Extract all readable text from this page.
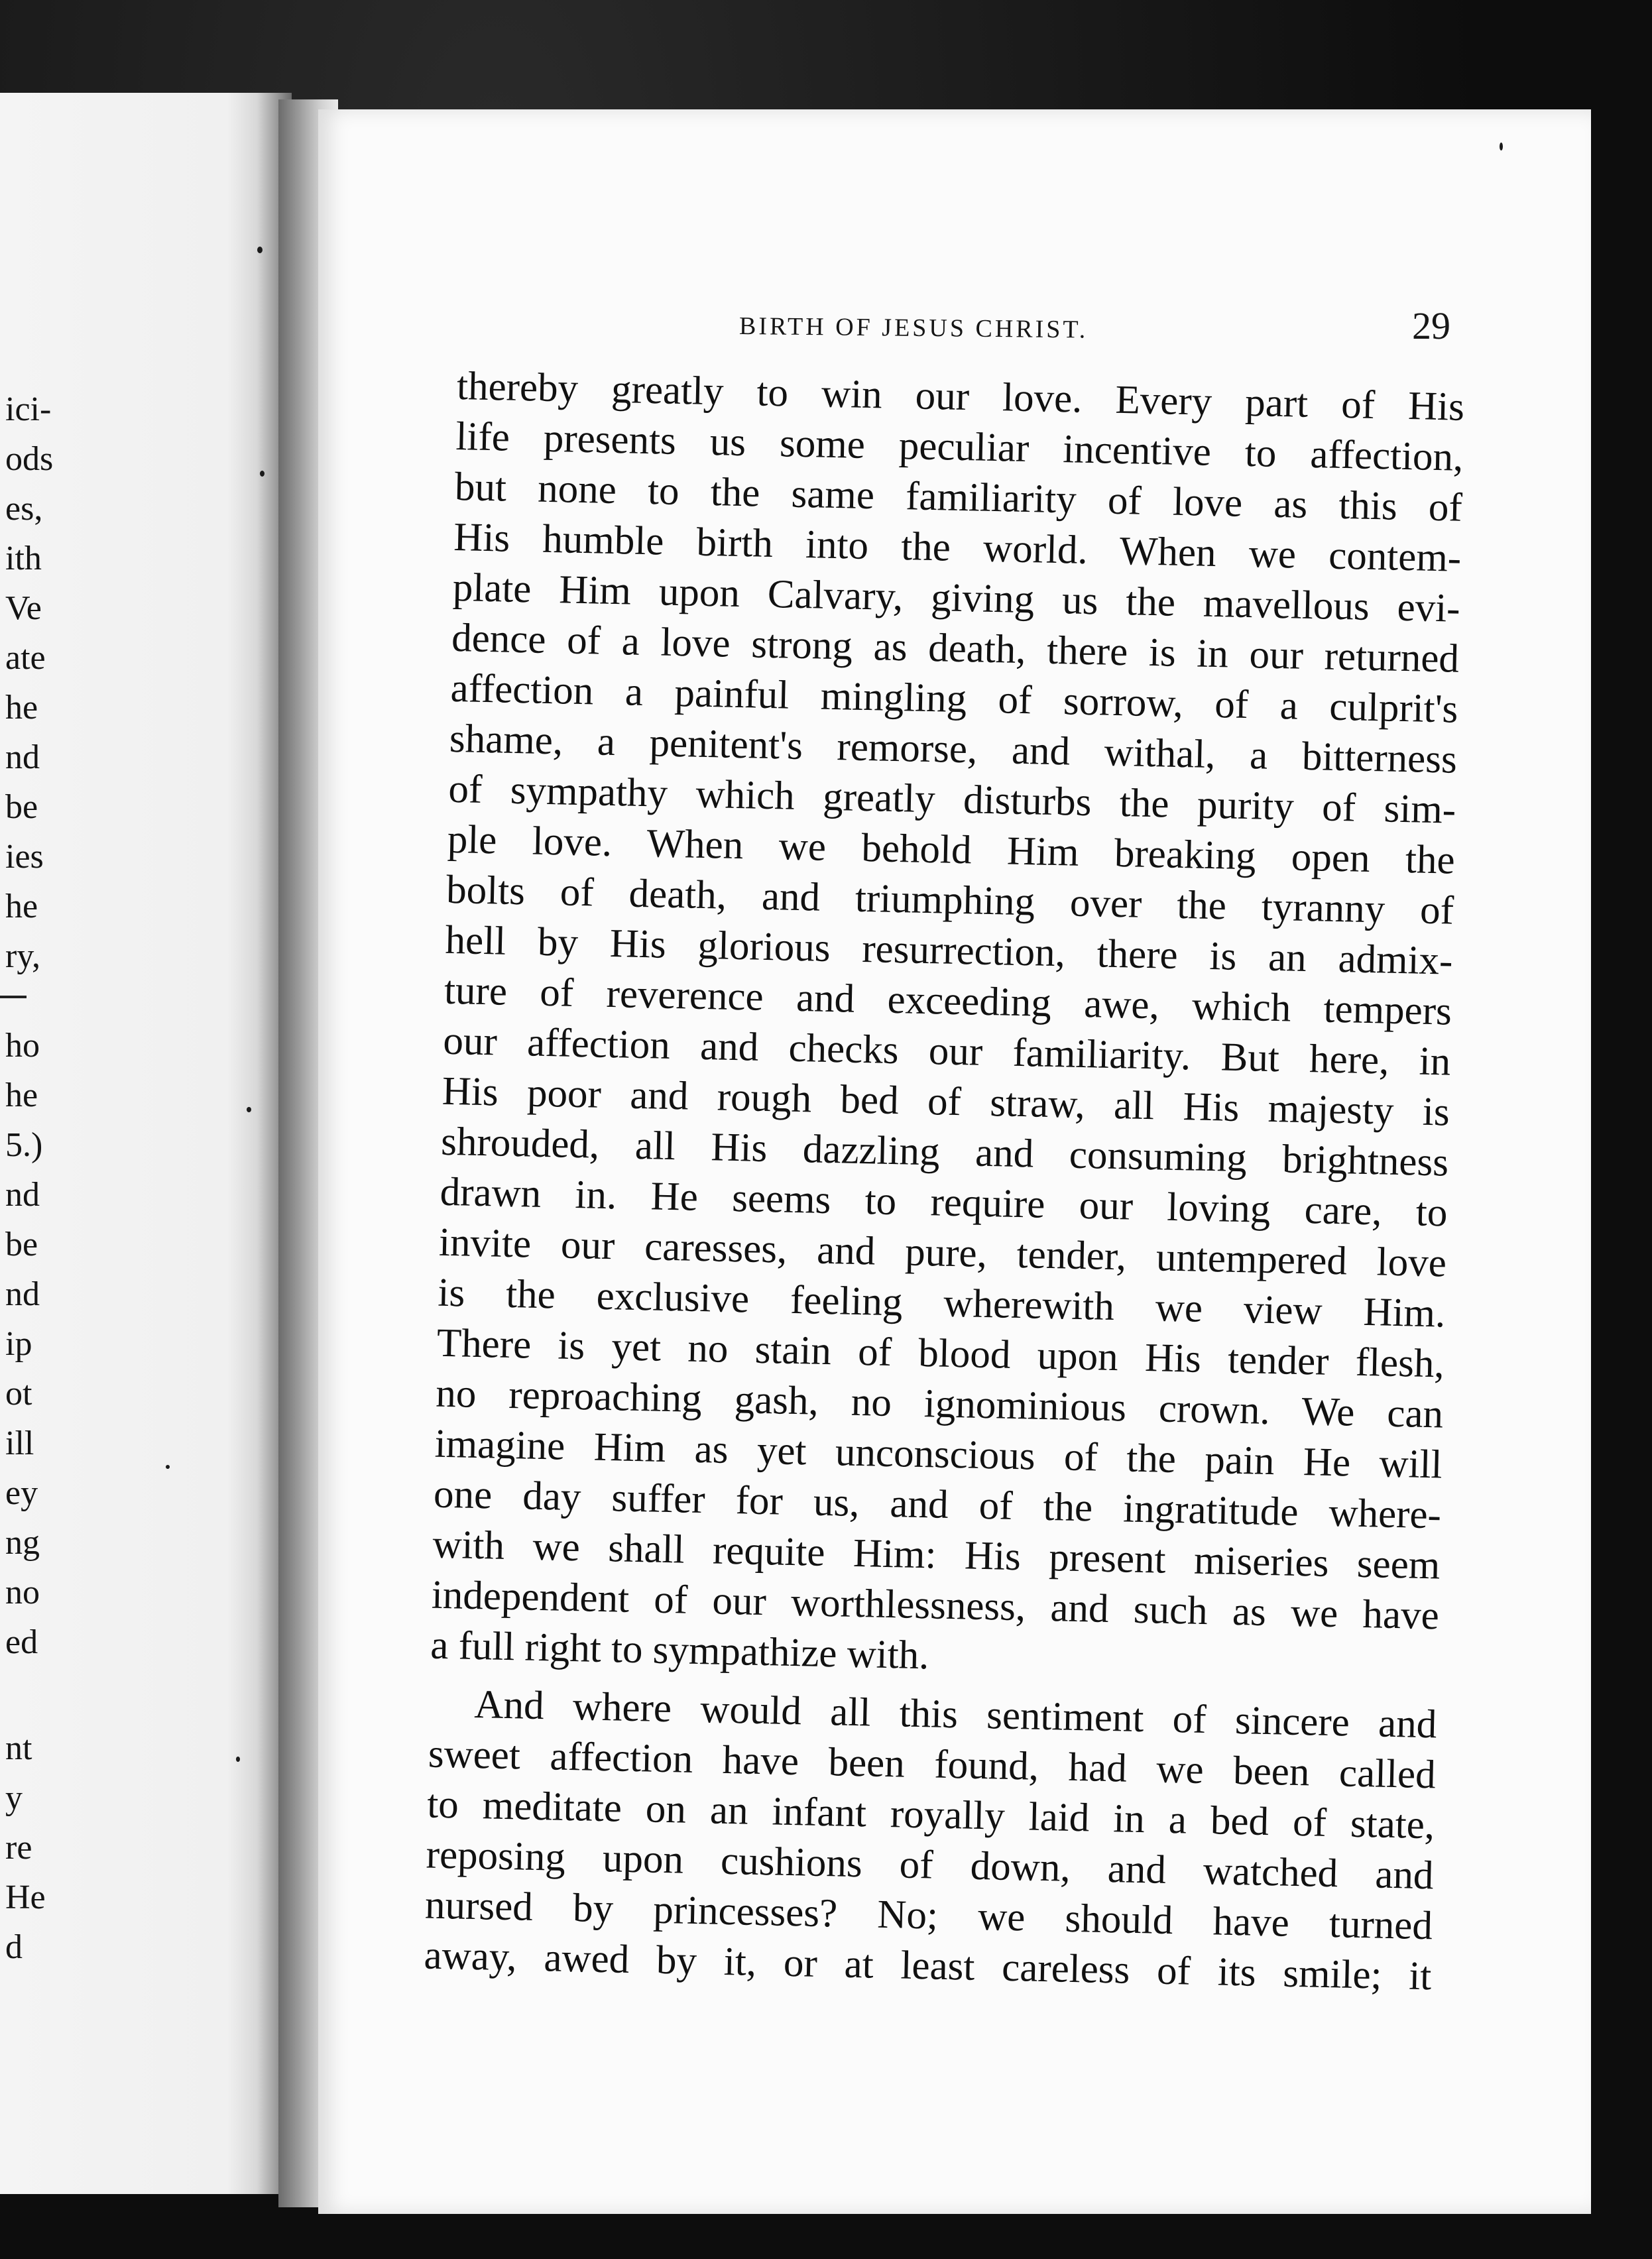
ici-
ods
es,
ith
Ve
ate
he
nd
be
ies
he
ry,
ho
he
5.)
nd
be
nd
ip
ot
ill
ey
ng
no
ed
nt
y
re
He
d
BIRTH OF JESUS CHRIST.	29
thereby greatly to win our love. Every part of His
life presents us some peculiar incentive to affection,
but none to the same familiarity of love as this of
His humble birth into the world. When we contem-
plate Him upon Calvary, giving us the mavellous evi-
dence of a love strong as death, there is in our returned
affection a painful mingling of sorrow, of a culprit's
shame, a penitent's remorse, and withal, a bitterness
of sympathy which greatly disturbs the purity of sim-
ple love. When we behold Him breaking open the
bolts of death, and triumphing over the tyranny of
hell by His glorious resurrection, there is an admix-
ture of reverence and exceeding awe, which tempers
our affection and checks our familiarity. But here, in
His poor and rough bed of straw, all His majesty is
shrouded, all His dazzling and consuming brightness
drawn in. He seems to require our loving care, to
invite our caresses, and pure, tender, untempered love
is the exclusive feeling wherewith we view Him.
There is yet no stain of blood upon His tender flesh,
no reproaching gash, no ignominious crown. We can
imagine Him as yet unconscious of the pain He will
one day suffer for us, and of the ingratitude where-
with we shall requite Him: His present miseries seem
independent of our worthlessness, and such as we have
a full right to sympathize with.
And where would all this sentiment of sincere and
sweet affection have been found, had we been called
to meditate on an infant royally laid in a bed of state,
reposing upon cushions of down, and watched and
nursed by princesses? No; we should have turned
away, awed by it, or at least careless of its smile; it
